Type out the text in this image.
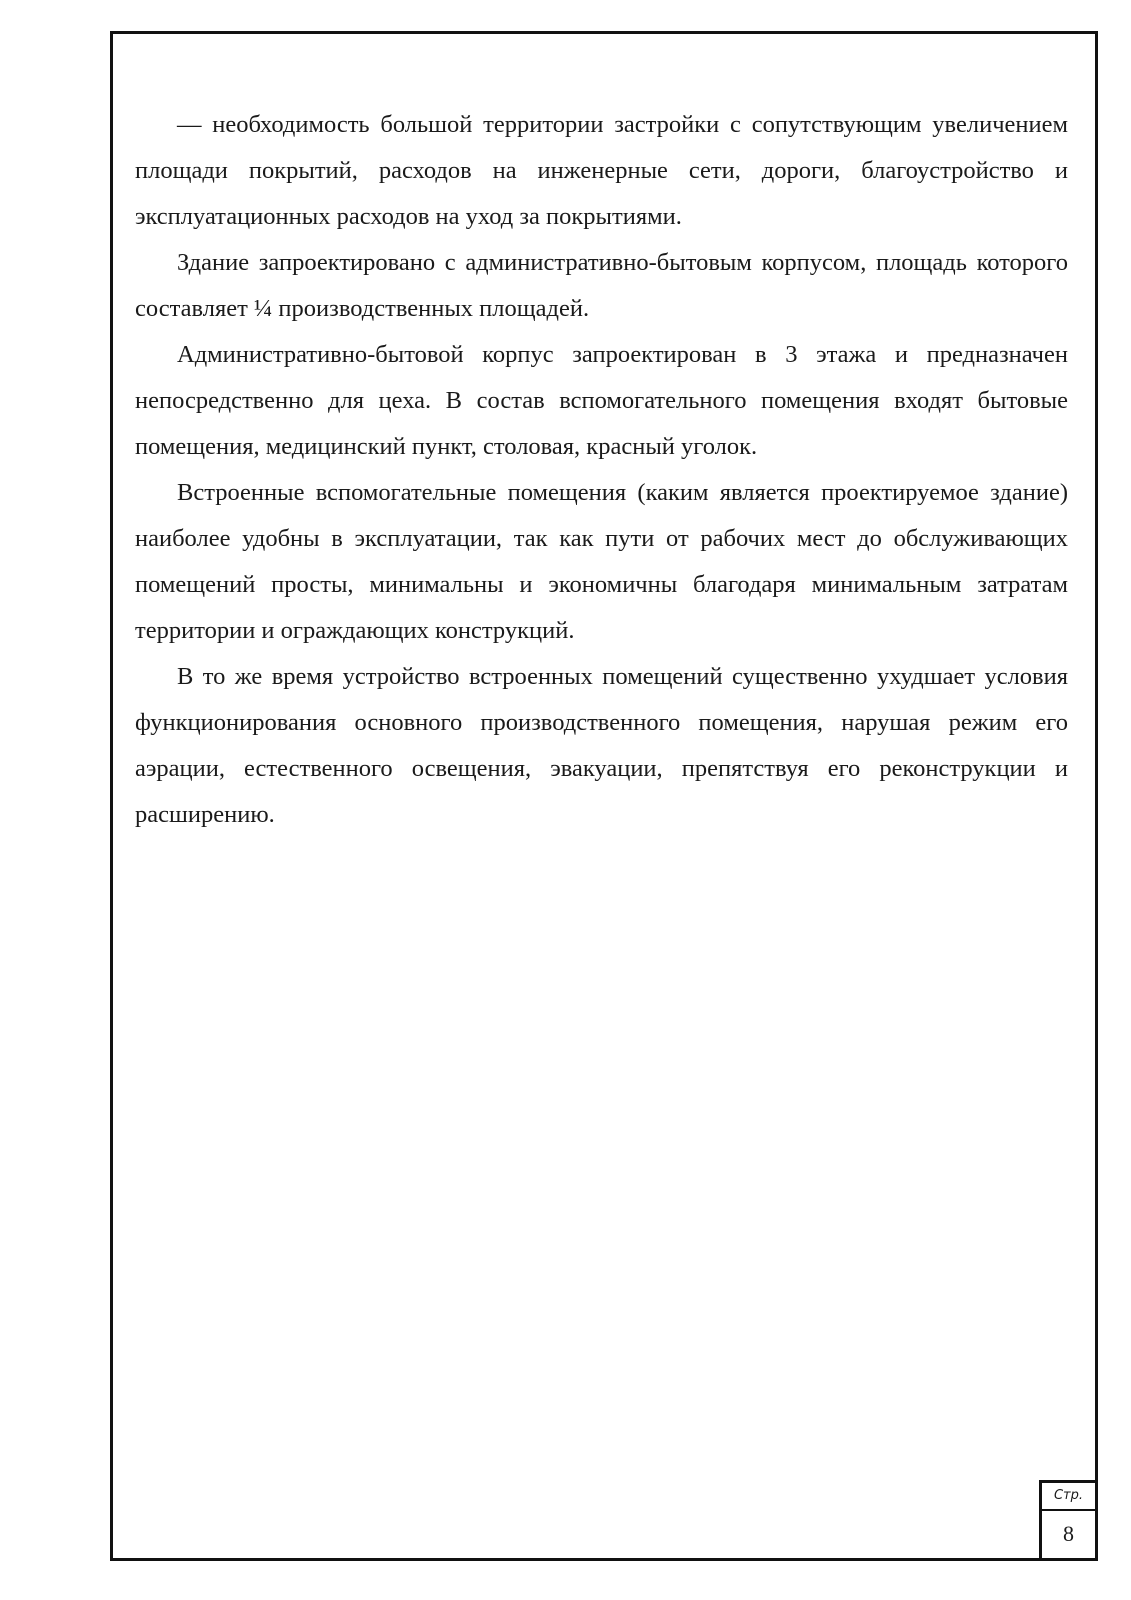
Стр.
8

— необходимость большой территории застройки с сопутствующим увеличением площади покрытий, расходов на инженерные сети, дороги, благоустройство и эксплуатационных расходов на уход за покрытиями.

Здание запроектировано с административно-бытовым корпусом, площадь которого составляет ¼ производственных площадей.

Административно-бытовой корпус запроектирован в 3 этажа и предназначен непосредственно для цеха. В состав вспомогательного помещения входят бытовые помещения, медицинский пункт, столовая, красный уголок.

Встроенные вспомогательные помещения (каким является проектируемое здание) наиболее удобны в эксплуатации, так как пути от рабочих мест до обслуживающих помещений просты, минимальны и экономичны благодаря минимальным затратам территории и ограждающих конструкций.

В то же время устройство встроенных помещений существенно ухудшает условия функционирования основного производственного помещения, нарушая режим его аэрации, естественного освещения, эвакуации, препятствуя его реконструкции и расширению.
